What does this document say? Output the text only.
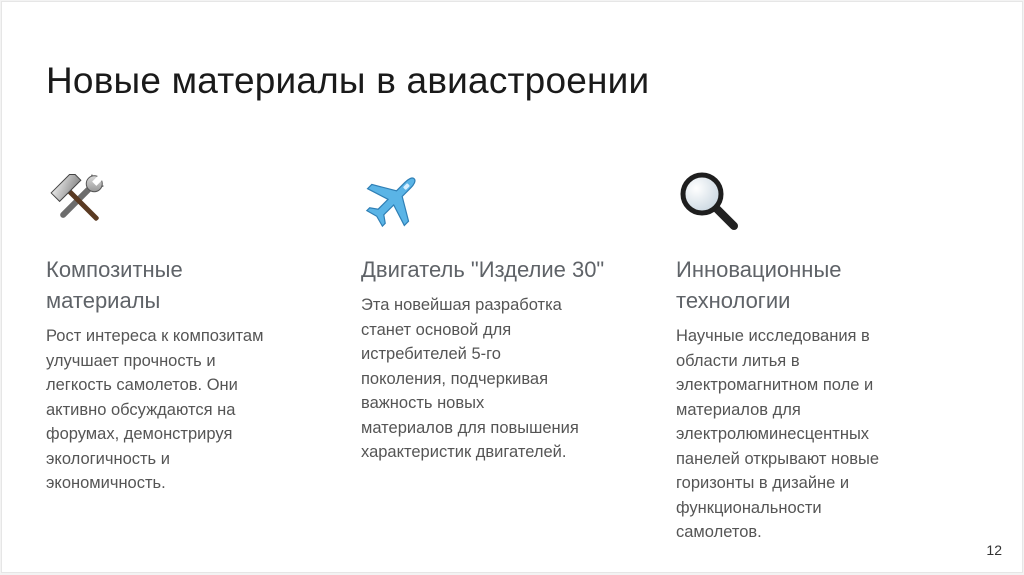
Новые материалы в авиастроении
Композитные
материалы
Рост интереса к композитам
улучшает прочность и
легкость самолетов. Они
активно обсуждаются на
форумах, демонстрируя
экологичность и
экономичность.
Двигатель "Изделие 30"
Эта новейшая разработка
станет основой для
истребителей 5-го
поколения, подчеркивая
важность новых
материалов для повышения
характеристик двигателей.
Инновационные
технологии
Научные исследования в
области литья в
электромагнитном поле и
материалов для
электролюминесцентных
панелей открывают новые
горизонты в дизайне и
функциональности
самолетов.
12
